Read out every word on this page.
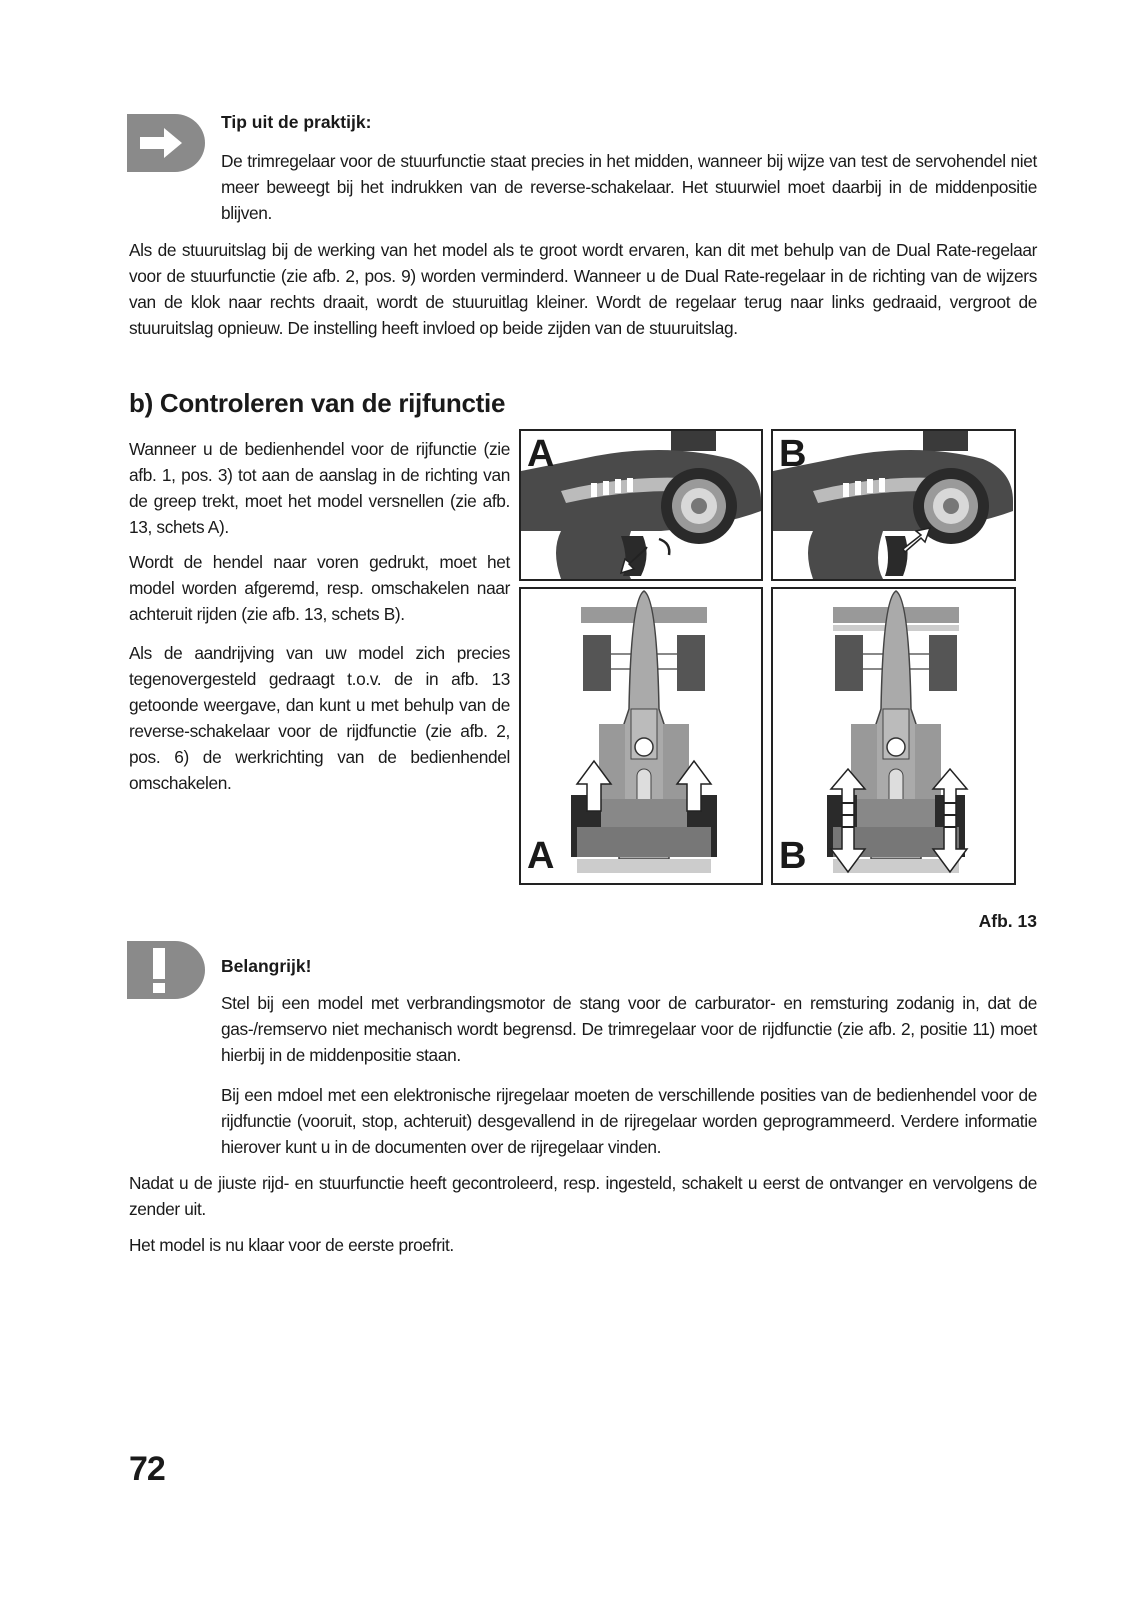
Tip uit de praktijk:

De trimregelaar voor de stuurfunctie staat precies in het midden, wanneer bij wijze van test de servohendel niet meer beweegt bij het indrukken van de reverse-schakelaar. Het stuurwiel moet daarbij in de middenpositie blijven.

Als de stuuruitslag bij de werking van het model als te groot wordt ervaren, kan dit met behulp van de Dual Rate-regelaar voor de stuurfunctie (zie afb. 2, pos. 9) worden verminderd. Wanneer u de Dual Rate-regelaar in de richting van de wijzers van de klok naar rechts draait, wordt de stuuruitlag kleiner. Wordt de regelaar terug naar links gedraaid, vergroot de stuuruitslag opnieuw. De instelling heeft invloed op beide zijden van de stuuruitslag.

b) Controleren van de rijfunctie

Wanneer u de bedienhendel voor de rijfunctie (zie afb. 1, pos. 3) tot aan de aanslag in de richting van de greep trekt, moet het model versnellen (zie afb. 13, schets A).

Wordt de hendel naar voren gedrukt, moet het model worden afgeremd, resp. omschakelen naar achteruit rijden (zie afb. 13, schets B).

Als de aandrijving van uw model zich precies tegenovergesteld gedraagt t.o.v. de in afb. 13 getoonde weergave, dan kunt u met behulp van de reverse-schakelaar voor de rijdfunctie (zie afb. 2, pos. 6) de werkrichting van de bedienhendel omschakelen.

A	B
A	B
Afb. 13
Belangrijk!

Stel bij een model met verbrandingsmotor de stang voor de carburator- en remsturing zodanig in, dat de gas-/remservo niet mechanisch wordt begrensd. De trimregelaar voor de rijdfunctie (zie afb. 2, positie 11) moet hierbij in de middenpositie staan.

Bij een mdoel met een elektronische rijregelaar moeten de verschillende posities van de bedienhendel voor de rijdfunctie (vooruit, stop, achteruit) desgevallend in de rijregelaar worden geprogrammeerd. Verdere informatie hierover kunt u in de documenten over de rijregelaar vinden.

Nadat u de jiuste rijd- en stuurfunctie heeft gecontroleerd, resp. ingesteld, schakelt u eerst de ontvanger en vervolgens de zender uit.

Het model is nu klaar voor de eerste proefrit.

72
